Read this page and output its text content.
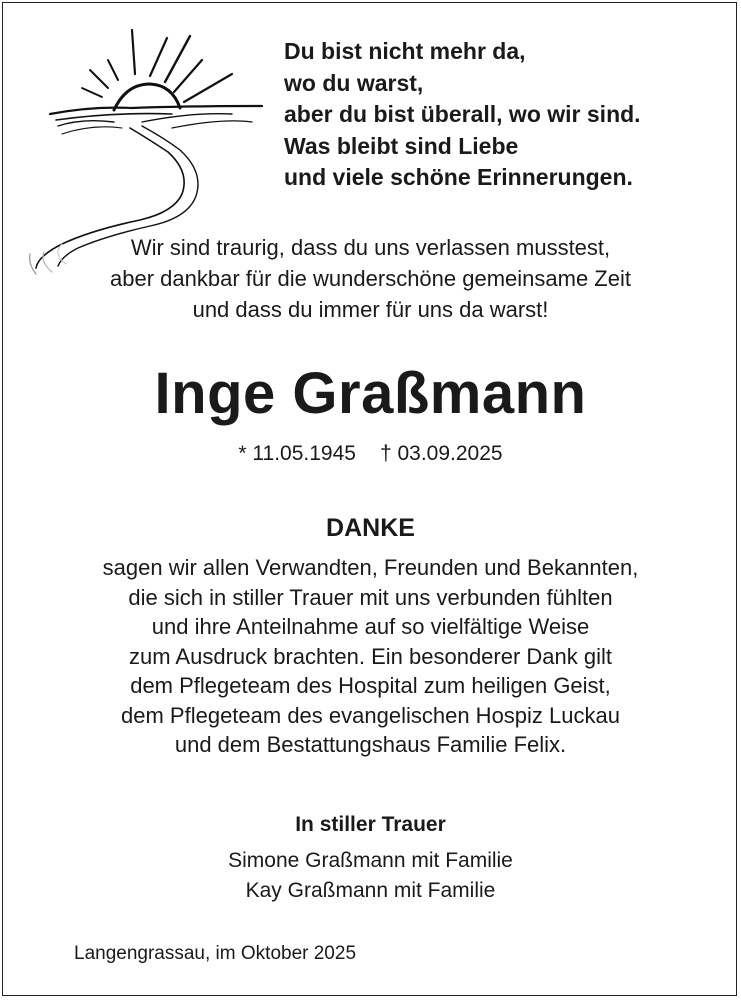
Du bist nicht mehr da,
wo du warst,
aber du bist überall, wo wir sind.
Was bleibt sind Liebe
und viele schöne Erinnerungen.
Wir sind traurig, dass du uns verlassen musstest,
aber dankbar für die wunderschöne gemeinsame Zeit
und dass du immer für uns da warst!
Inge Graßmann
* 11.05.1945 † 03.09.2025
DANKE
sagen wir allen Verwandten, Freunden und Bekannten,
die sich in stiller Trauer mit uns verbunden fühlten
und ihre Anteilnahme auf so vielfältige Weise
zum Ausdruck brachten. Ein besonderer Dank gilt
dem Pflegeteam des Hospital zum heiligen Geist,
dem Pflegeteam des evangelischen Hospiz Luckau
und dem Bestattungshaus Familie Felix.
In stiller Trauer
Simone Graßmann mit Familie
Kay Graßmann mit Familie
Langengrassau, im Oktober 2025
